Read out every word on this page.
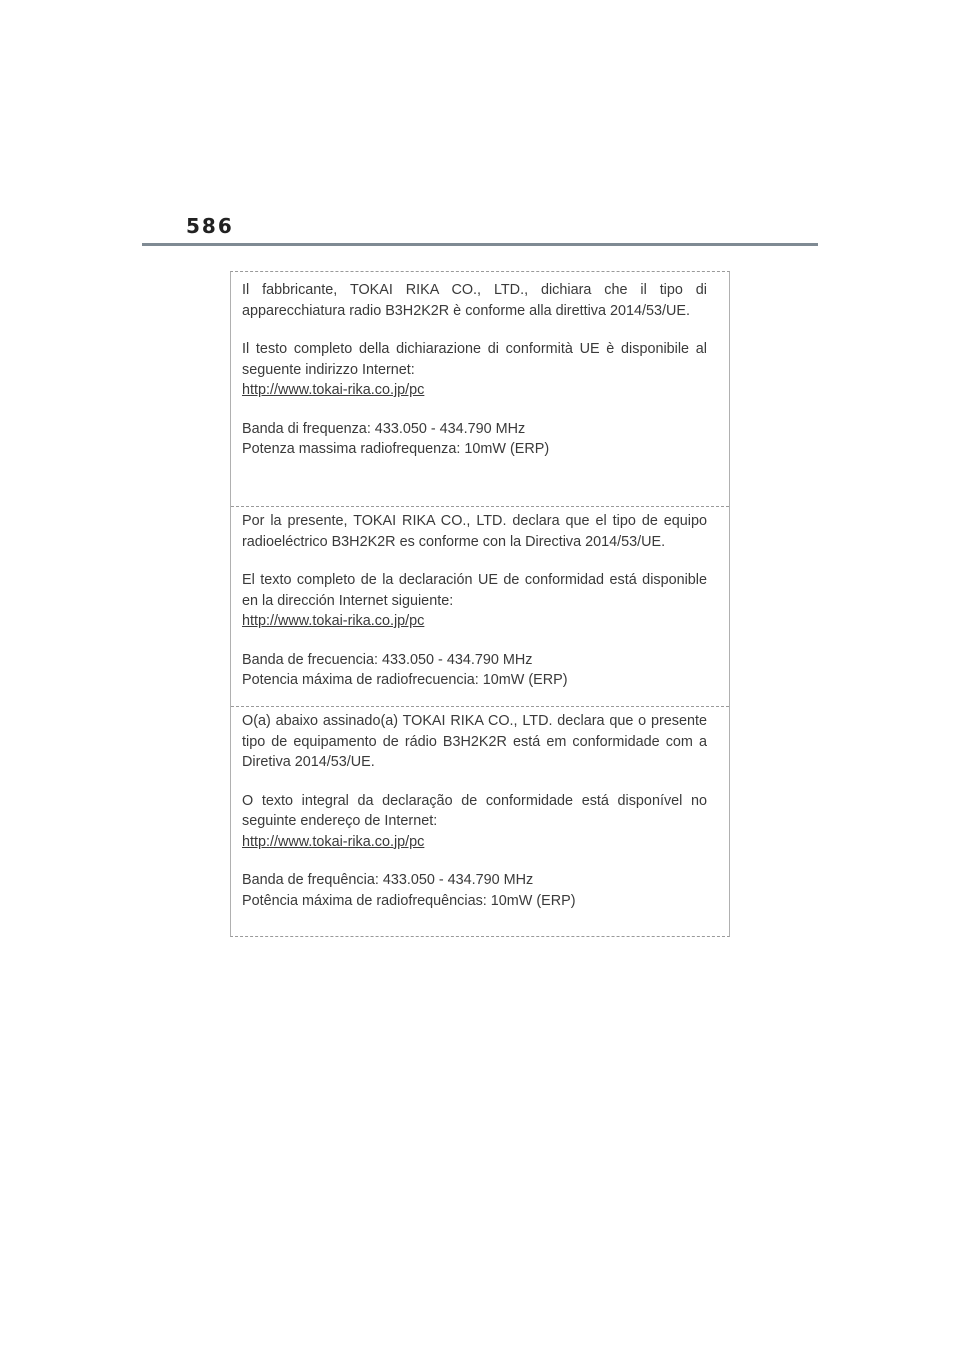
586

Il fabbricante, TOKAI RIKA CO., LTD., dichiara che il tipo di apparecchiatura radio B3H2K2R è conforme alla direttiva 2014/53/UE.

Il testo completo della dichiarazione di conformità UE è disponibile al seguente indirizzo Internet:

http://www.tokai-rika.co.jp/pc

Banda di frequenza: 433.050 - 434.790 MHz

Potenza massima radiofrequenza: 10mW (ERP)

Por la presente, TOKAI RIKA CO., LTD. declara que el tipo de equipo radioeléctrico B3H2K2R es conforme con la Directiva 2014/53/UE.

El texto completo de la declaración UE de conformidad está disponible en la dirección Internet siguiente:

http://www.tokai-rika.co.jp/pc

Banda de frecuencia: 433.050 - 434.790 MHz

Potencia máxima de radiofrecuencia: 10mW (ERP)

O(a) abaixo assinado(a) TOKAI RIKA CO., LTD. declara que o presente tipo de equipamento de rádio B3H2K2R está em conformidade com a Diretiva 2014/53/UE.

O texto integral da declaração de conformidade está disponível no seguinte endereço de Internet:

http://www.tokai-rika.co.jp/pc

Banda de frequência: 433.050 - 434.790 MHz

Potência máxima de radiofrequências: 10mW (ERP)
